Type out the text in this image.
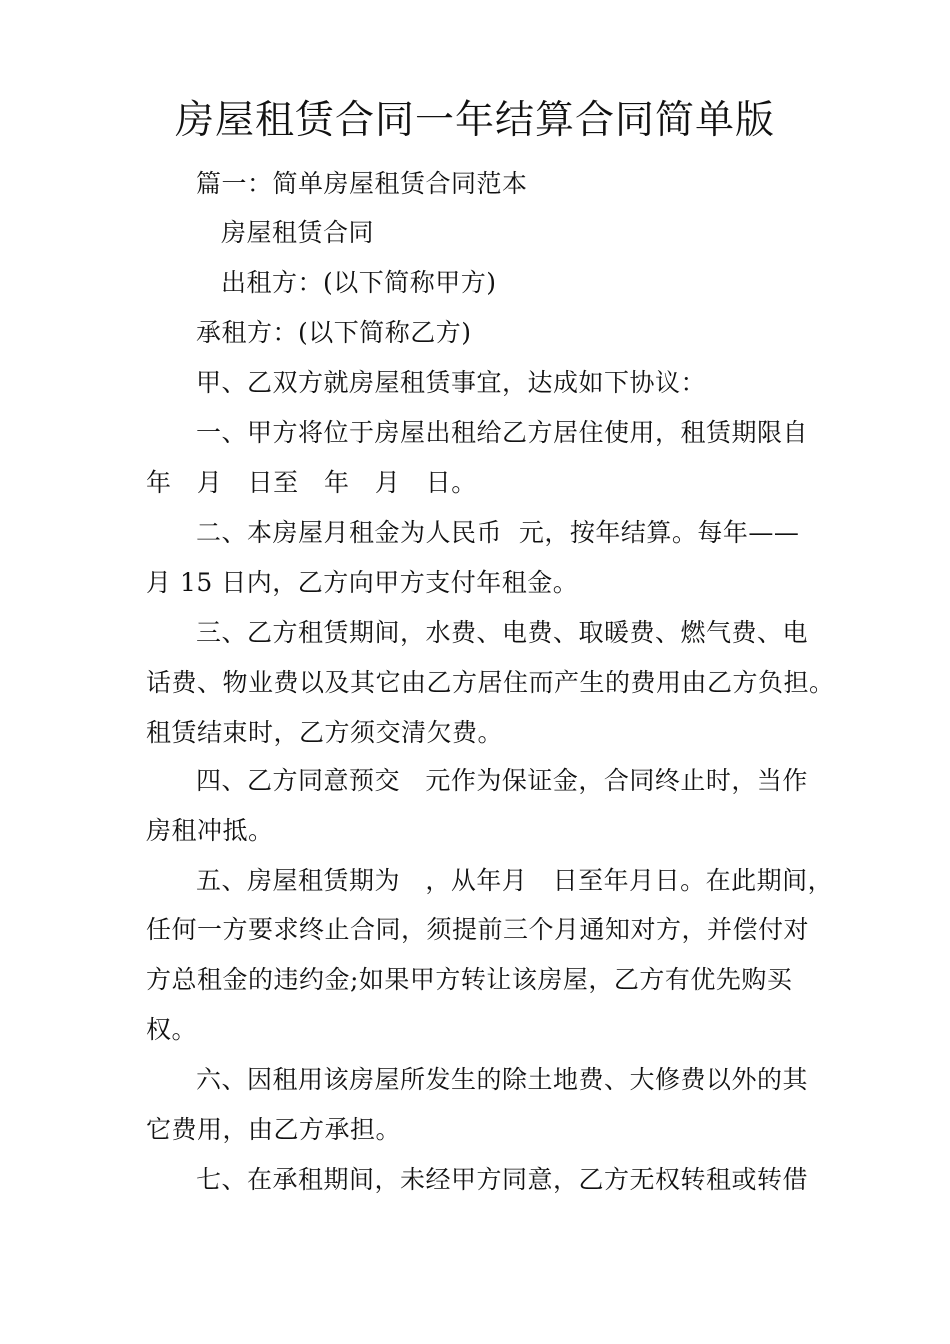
房屋租赁合同一年结算合同简单版
篇一：简单房屋租赁合同范本
房屋租赁合同
出租方：(以下简称甲方)
承租方：(以下简称乙方)
甲、乙双方就房屋租赁事宜，达成如下协议：
一、甲方将位于房屋出租给乙方居住使用，租赁期限自
年   月   日至   年   月   日。
二、本房屋月租金为人民币  元，按年结算。每年——
月 15 日内，乙方向甲方支付年租金。
三、乙方租赁期间，水费、电费、取暖费、燃气费、电
话费、物业费以及其它由乙方居住而产生的费用由乙方负担。
租赁结束时，乙方须交清欠费。
四、乙方同意预交   元作为保证金，合同终止时，当作
房租冲抵。
五、房屋租赁期为   ，从年月   日至年月日。在此期间，
任何一方要求终止合同，须提前三个月通知对方，并偿付对
方总租金的违约金;如果甲方转让该房屋，乙方有优先购买
权。
六、因租用该房屋所发生的除土地费、大修费以外的其
它费用，由乙方承担。
七、在承租期间，未经甲方同意，乙方无权转租或转借
